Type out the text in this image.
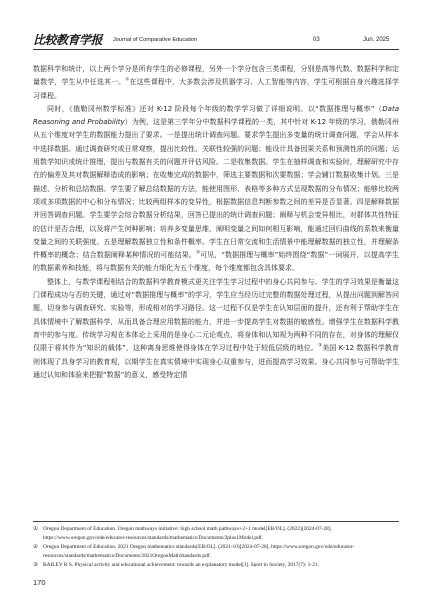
比较教育学报 Journal of Comparative Education	03	Jun. 2025

数据科学和统计，以上两个学分是所有学生的必修课程，另外一个学分包含三类课程，分别是高等代数、数据科学和定量数学，学生从中任选其一。①在这些课程中，大多数会涉及机器学习、人工智能等内容，学生可根据自身兴趣选择学习课程。

同时，《俄勒冈州数学标准》还对 K-12 阶段每个年级的数学学习做了详细说明。以“数据推理与概率”（Data Reasoning and Probability）为例，这是第三学年分中数据科学课程的一类，其中针对 K-12 年级的学习，俄勒冈州从五个维度对学生的数据能力提出了要求。一是提出统计调查问题。要求学生提出多变量的统计调查问题，学会从样本中选择数据。通过调查研究或日常观察，提出比较性、关联性较强的问题；能设计具备因果关系和预测性质的问题；运用数学知识或统计推理，提出与数据有关的问题并评估风险。二是收集数据。学生在抽样调查和实验时，理解研究中存在的偏差及其对数据解释造成的影响；在收集完成的数据中，筛选主要数据和次要数据；学会辅订数据收集计划。三是描述、分析和总结数据。学生要了解总结数据的方法，能使用图形、表格等多种方式呈现数据的分布情况；能够比较两项或多项数据的中心和分布情况；比较两组样本的变异性，根据数据信息判断参数之间的差异是否显著。四是解释数据并回答调查问题。学生要学会综合数据分析结果，回答已提出的统计调查问题；阐释与机会变异相比，对群体共性特征的估计是否合理，以及将产生何种影响；培养多变量思维，阐明变量之间如何相互影响，能通过回归曲线的系数来衡量变量之间的关联强度。五是理解数据独立性和条件概率。学生在日常交流和生活情景中能理解数据的独立性，并理解条件概率的概念；结合数据阐释某种情况的可能结果。②可见，“数据推理与概率”始终围绕“数据”一词展开，以提高学生的数据素养和技能，将与数据有关的能力细化为五个维度，每个维度都包含具体要求。

整体上，与数学课程相结合的数据科学教育模式更关注学生学习过程中的身心共同参与。学生的学习效果是衡量这门课程成功与否的关键，通过对“数据推理与概率”的学习，学生应当经历过完整的数据处理过程，从提出问题到解答问题，切身参与调查研究、实验等，形成相对的学习路径。这一过程不仅是学生在认知层面的提升，还有利于帮助学生在具体情境中了解数据科学，从而具备合理应用数据的能力，并进一步提高学生对数据的敏感性。增强学生在数据科学教育中的参与度。传统学习观在本体论上采用的是身心二元论观点，将身体和认知视为两种不同的存在，对身体的理解仅仅限于将其作为“知识的载体”，这种离身思维使得身体在学习过程中处于较低层级的地位。③美国 K-12 数据科学教育则体现了具身学习的教育观，以期学生在真实情境中实现身心双重参与，进而提高学习效果。身心共同参与可帮助学生通过认知和体验来把握“数据”的意义，感受特定情

① Oregon Department of Education. Oregon mathways initiative: high school math pathways+2+1 model[EB/OL]. (2022)[2024-07-28]. https://www.oregon.gov/ode/educator-resources/standards/mathematics/Documents/2plus1Model.pdf.
② Oregon Department of Education. 2021 Oregon mathematics standards[EB/OL]. (2021-10)[2024-07-28]. https://www.oregon.gov/ode/educator-resources/standards/mathematics/Documents/2021OregonMathStandards.pdf.
③ BAILEY R S. Physical activity and educational achievement: towards an explanatory model[J]. Sport in Society, 2017(7): 1-21.
170
